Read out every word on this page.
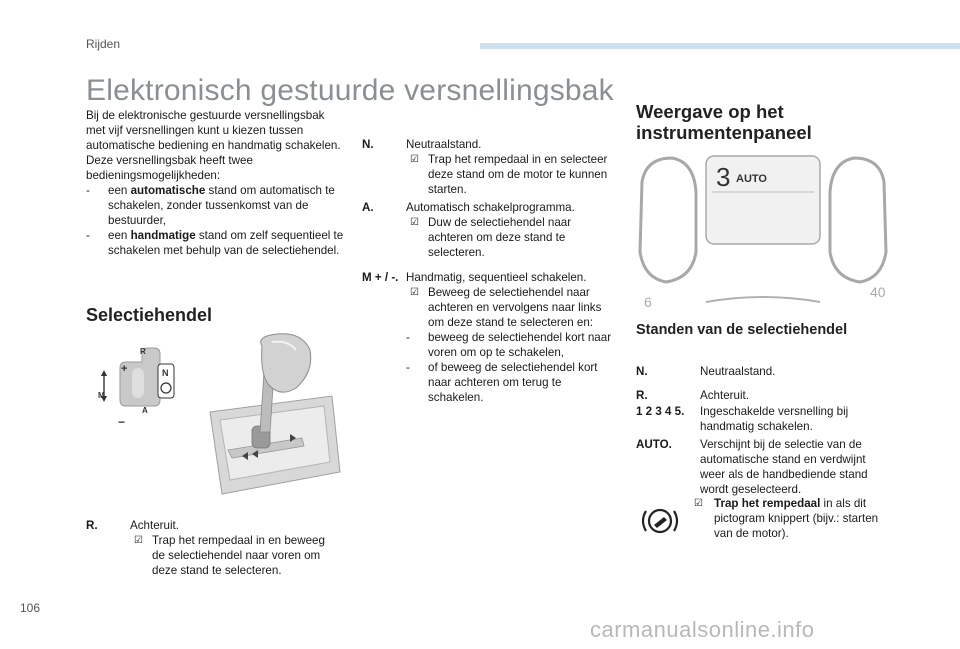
Rijden
Elektronisch gestuurde versnellingsbak

Bij de elektronische gestuurde versnellingsbak met vijf versnellingen kunt u kiezen tussen automatische bediening en handmatig schakelen.

Deze versnellingsbak heeft twee bedieningsmogelijkheden:

- een automatische stand om automatisch te schakelen, zonder tussenkomst van de bestuurder,
- een handmatige stand om zelf sequentieel te schakelen met behulp van de selectiehendel.
Selectiehendel
+
−
M
R
A
N
R.	Achteruit.

☑ Trap het rempedaal in en beweeg de selectiehendel naar voren om deze stand te selecteren.
N.	Neutraalstand.

☑ Trap het rempedaal in en selecteer deze stand om de motor te kunnen starten.
A.	Automatisch schakelprogramma.

☑ Duw de selectiehendel naar achteren om deze stand te selecteren.
M + / -. Handmatig, sequentieel schakelen.

☑ Beweeg de selectiehendel naar achteren en vervolgens naar links om deze stand te selecteren en:
- beweeg de selectiehendel kort naar voren om op te schakelen,
- of beweeg de selectiehendel kort naar achteren om terug te schakelen.
Weergave op het instrumentenpaneel
3 AUTO
6
40
Standen van de selectiehendel
N.	Neutraalstand.
R.	Achteruit.
1 2 3 4 5. Ingeschakelde versnelling bij handmatig schakelen.
AUTO. Verschijnt bij de selectie van de automatische stand en verdwijnt weer als de handbediende stand wordt geselecteerd.
☑ Trap het rempedaal in als dit pictogram knippert (bijv.: starten van de motor).
106
carmanualsonline.info
